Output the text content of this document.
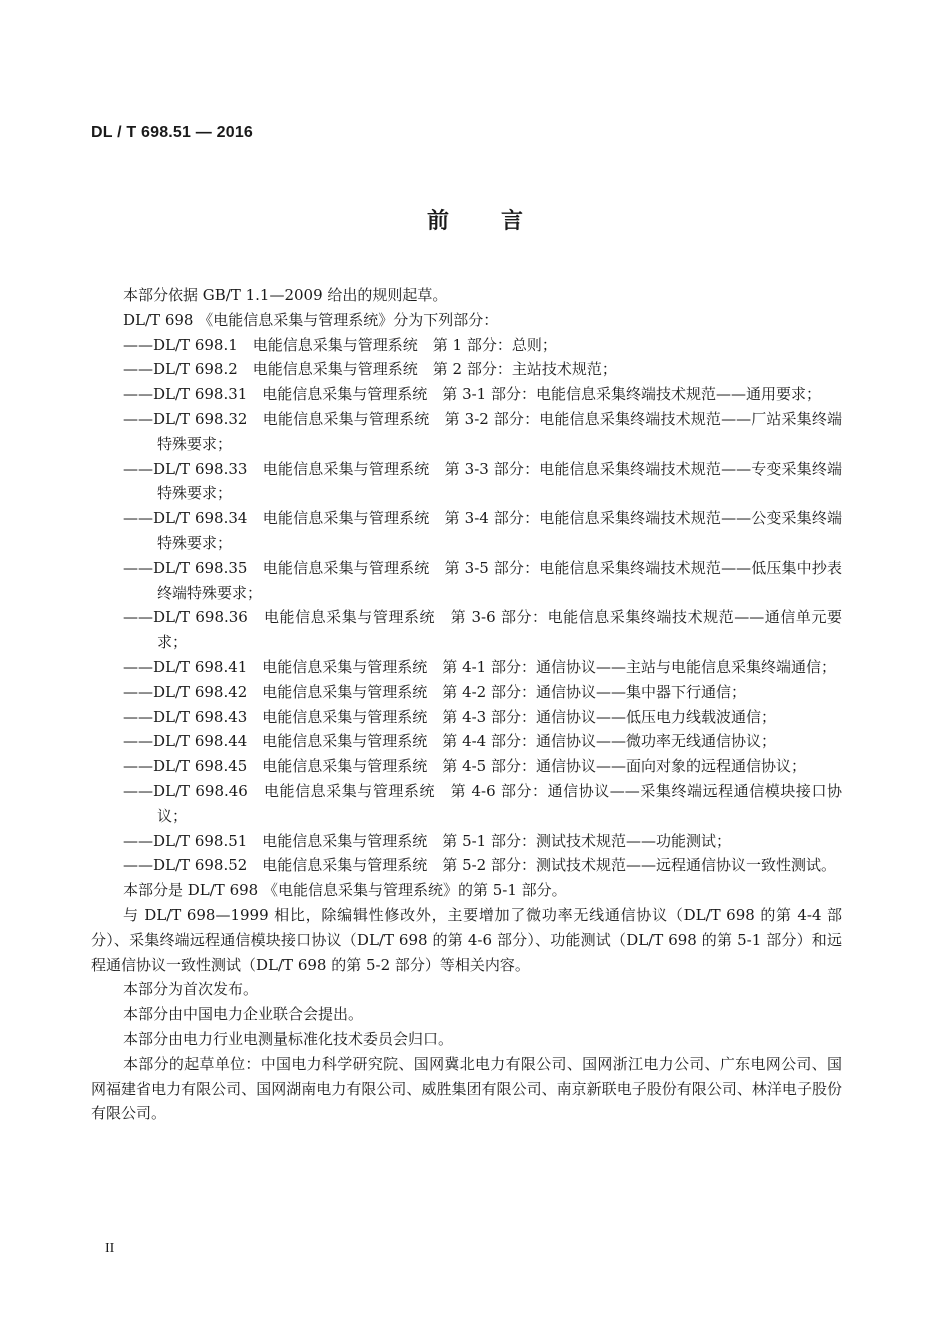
DL / T 698.51 — 2016

前言

本部分依据 GB/T 1.1—2009 给出的规则起草。

DL/T 698 《电能信息采集与管理系统》分为下列部分：

——DL/T 698.1　电能信息采集与管理系统　第 1 部分：总则；

——DL/T 698.2　电能信息采集与管理系统　第 2 部分：主站技术规范；

——DL/T 698.31　电能信息采集与管理系统　第 3-1 部分：电能信息采集终端技术规范——通用要求；

——DL/T 698.32　电能信息采集与管理系统　第 3-2 部分：电能信息采集终端技术规范——厂站采集终端特殊要求；

——DL/T 698.33　电能信息采集与管理系统　第 3-3 部分：电能信息采集终端技术规范——专变采集终端特殊要求；

——DL/T 698.34　电能信息采集与管理系统　第 3-4 部分：电能信息采集终端技术规范——公变采集终端特殊要求；

——DL/T 698.35　电能信息采集与管理系统　第 3-5 部分：电能信息采集终端技术规范——低压集中抄表终端特殊要求；

——DL/T 698.36　电能信息采集与管理系统　第 3-6 部分：电能信息采集终端技术规范——通信单元要求；

——DL/T 698.41　电能信息采集与管理系统　第 4-1 部分：通信协议——主站与电能信息采集终端通信；

——DL/T 698.42　电能信息采集与管理系统　第 4-2 部分：通信协议——集中器下行通信；

——DL/T 698.43　电能信息采集与管理系统　第 4-3 部分：通信协议——低压电力线载波通信；

——DL/T 698.44　电能信息采集与管理系统　第 4-4 部分：通信协议——微功率无线通信协议；

——DL/T 698.45　电能信息采集与管理系统　第 4-5 部分：通信协议——面向对象的远程通信协议；

——DL/T 698.46　电能信息采集与管理系统　第 4-6 部分：通信协议——采集终端远程通信模块接口协议；

——DL/T 698.51　电能信息采集与管理系统　第 5-1 部分：测试技术规范——功能测试；

——DL/T 698.52　电能信息采集与管理系统　第 5-2 部分：测试技术规范——远程通信协议一致性测试。

本部分是 DL/T 698 《电能信息采集与管理系统》的第 5-1 部分。

与 DL/T 698—1999 相比，除编辑性修改外，主要增加了微功率无线通信协议（DL/T 698 的第 4-4 部分）、采集终端远程通信模块接口协议（DL/T 698 的第 4-6 部分）、功能测试（DL/T 698 的第 5-1 部分）和远程通信协议一致性测试（DL/T 698 的第 5-2 部分）等相关内容。

本部分为首次发布。

本部分由中国电力企业联合会提出。

本部分由电力行业电测量标准化技术委员会归口。

本部分的起草单位：中国电力科学研究院、国网冀北电力有限公司、国网浙江电力公司、广东电网公司、国网福建省电力有限公司、国网湖南电力有限公司、威胜集团有限公司、南京新联电子股份有限公司、林洋电子股份有限公司。

II
